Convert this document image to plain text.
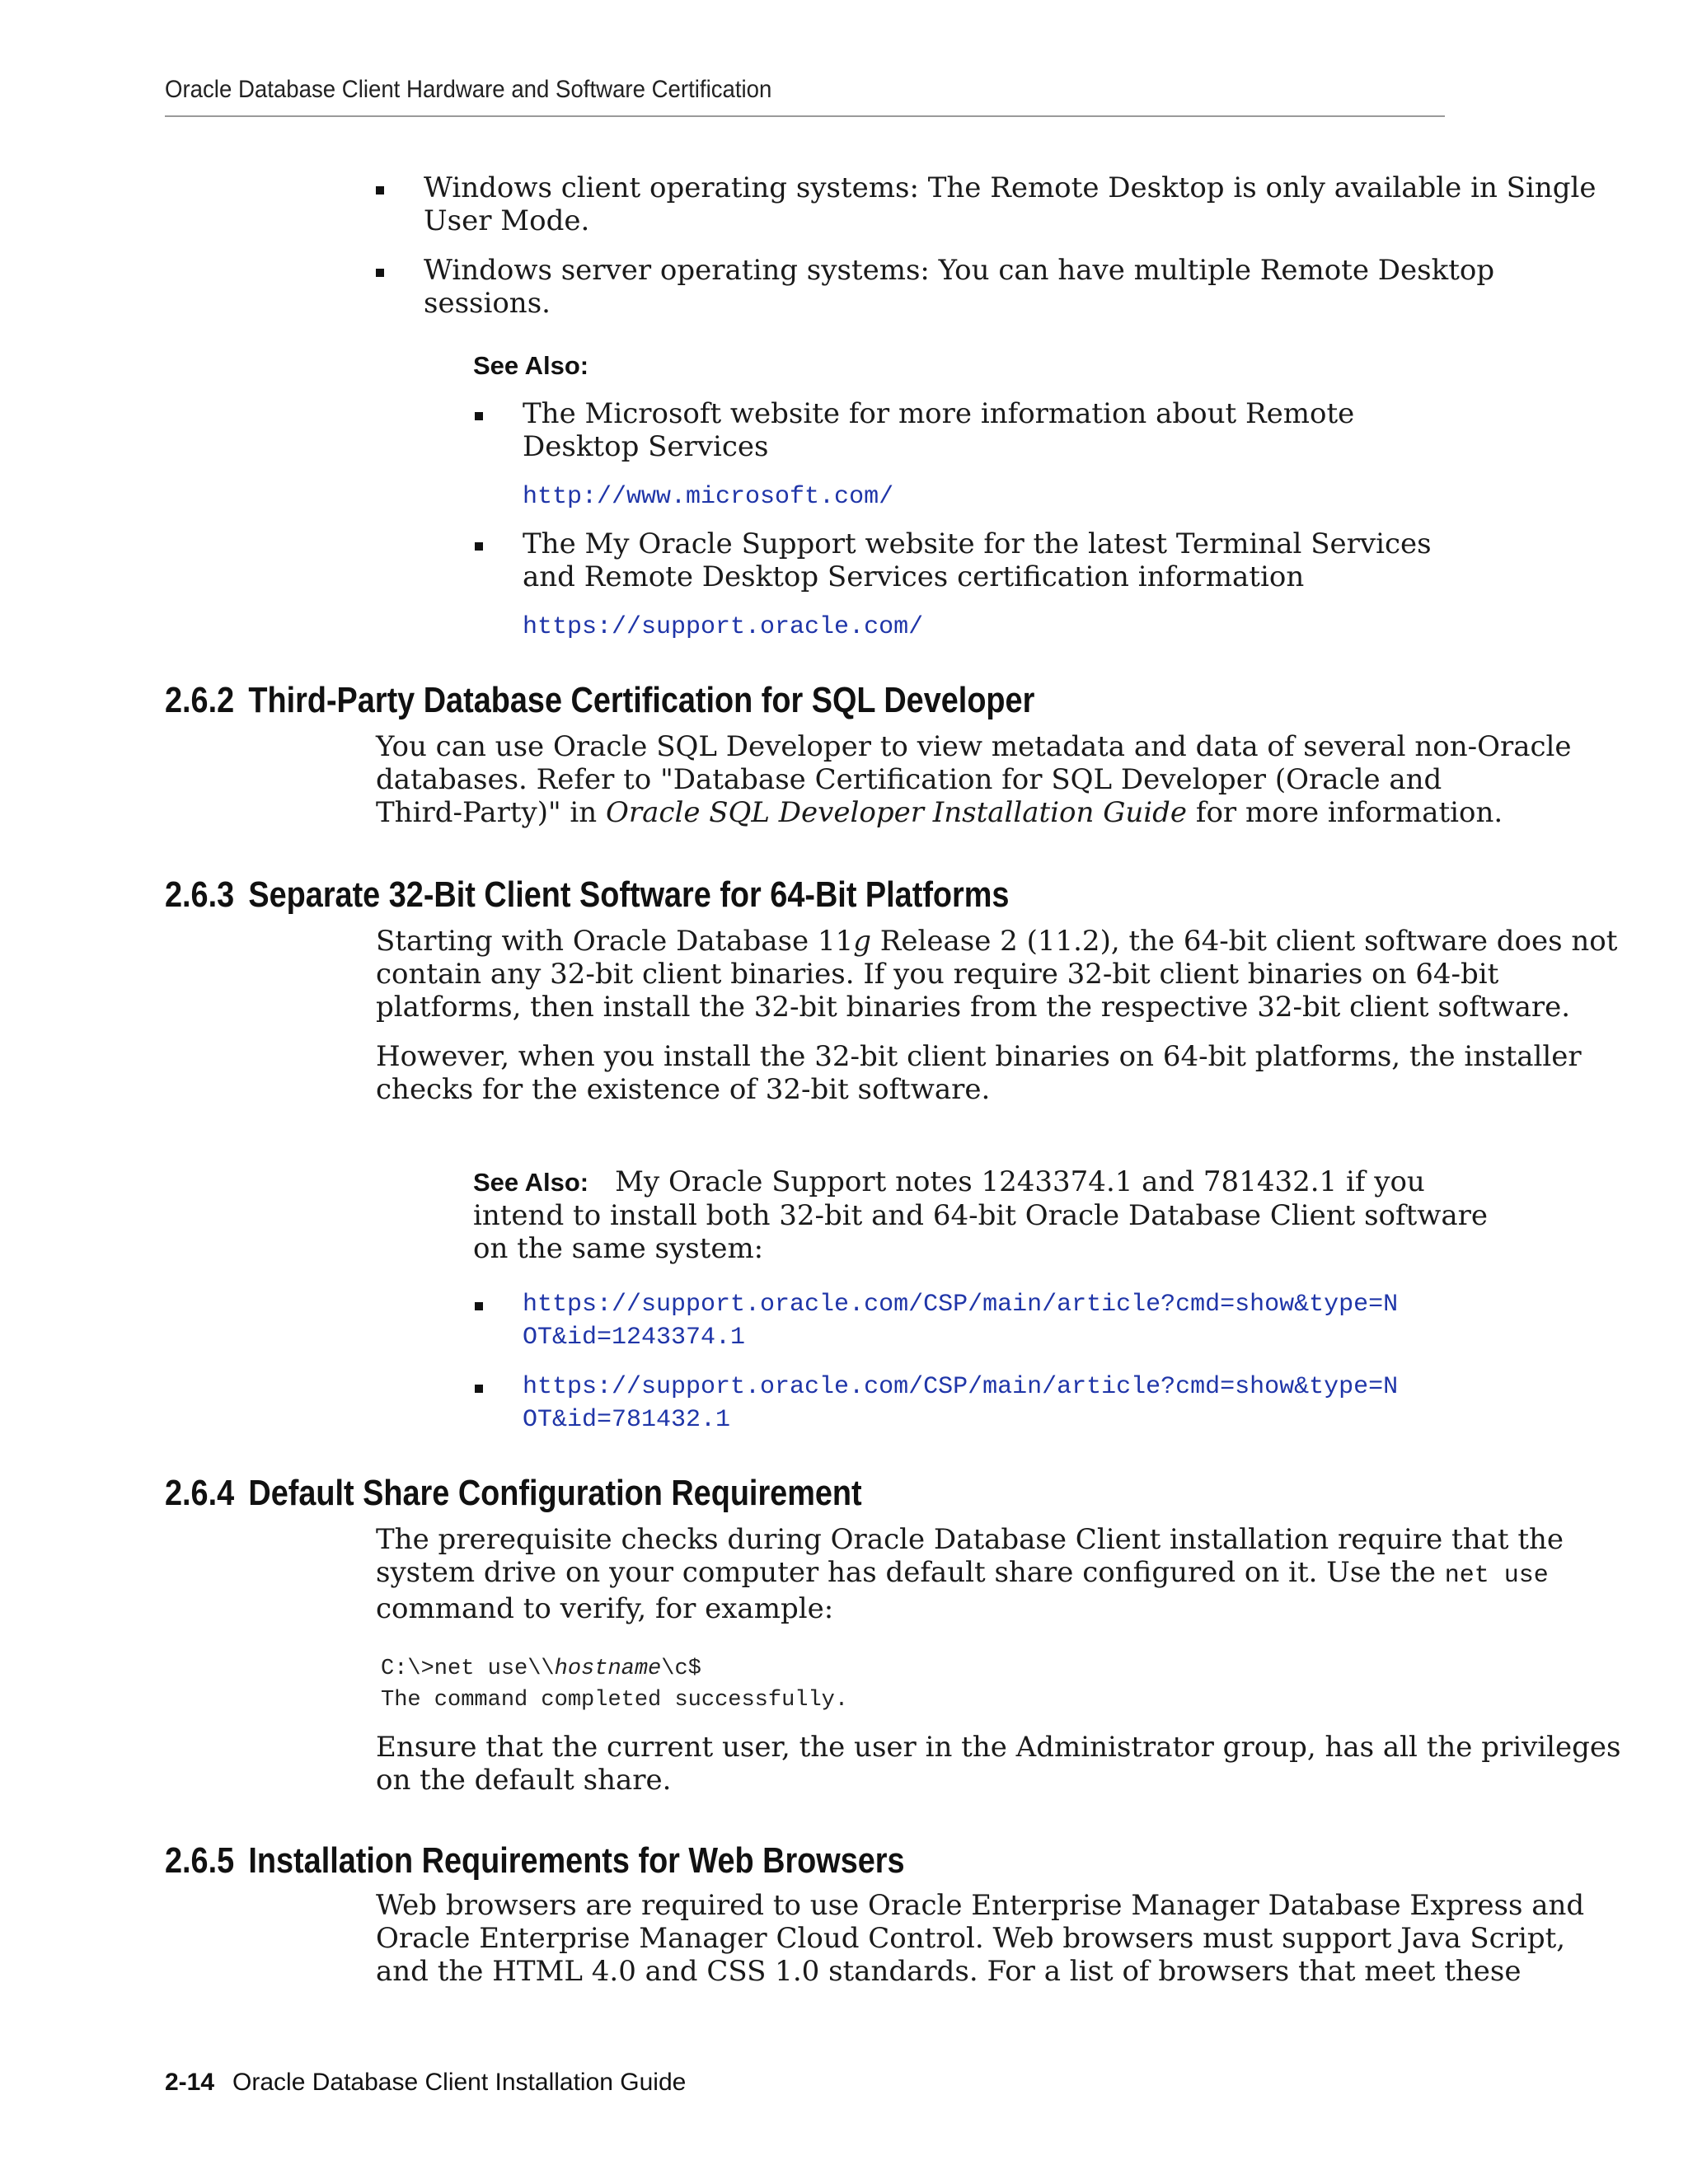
Oracle Database Client Hardware and Software Certification

Windows client operating systems: The Remote Desktop is only available in Single

User Mode.

Windows server operating systems: You can have multiple Remote Desktop

sessions.

See Also:

The Microsoft website for more information about Remote

Desktop Services

http://www.microsoft.com/

The My Oracle Support website for the latest Terminal Services

and Remote Desktop Services certification information

https://support.oracle.com/
2.6.2 Third-Party Database Certification for SQL Developer

You can use Oracle SQL Developer to view metadata and data of several non-Oracle

databases. Refer to "Database Certification for SQL Developer (Oracle and

Third-Party)" in Oracle SQL Developer Installation Guide for more information.

2.6.3 Separate 32-Bit Client Software for 64-Bit Platforms

Starting with Oracle Database 11g Release 2 (11.2), the 64-bit client software does not

contain any 32-bit client binaries. If you require 32-bit client binaries on 64-bit

platforms, then install the 32-bit binaries from the respective 32-bit client software.

However, when you install the 32-bit client binaries on 64-bit platforms, the installer

checks for the existence of 32-bit software.

See Also: My Oracle Support notes 1243374.1 and 781432.1 if you

intend to install both 32-bit and 64-bit Oracle Database Client software

on the same system:

https://support.oracle.com/CSP/main/article?cmd=show&type=N
OT&id=1243374.1
https://support.oracle.com/CSP/main/article?cmd=show&type=N
OT&id=781432.1
2.6.4 Default Share Configuration Requirement

The prerequisite checks during Oracle Database Client installation require that the

system drive on your computer has default share configured on it. Use the net use

command to verify, for example:

C:\>net use\\hostname\c$
The command completed successfully.

Ensure that the current user, the user in the Administrator group, has all the privileges

on the default share.

2.6.5 Installation Requirements for Web Browsers

Web browsers are required to use Oracle Enterprise Manager Database Express and

Oracle Enterprise Manager Cloud Control. Web browsers must support Java Script,

and the HTML 4.0 and CSS 1.0 standards. For a list of browsers that meet these

2-14 Oracle Database Client Installation Guide
